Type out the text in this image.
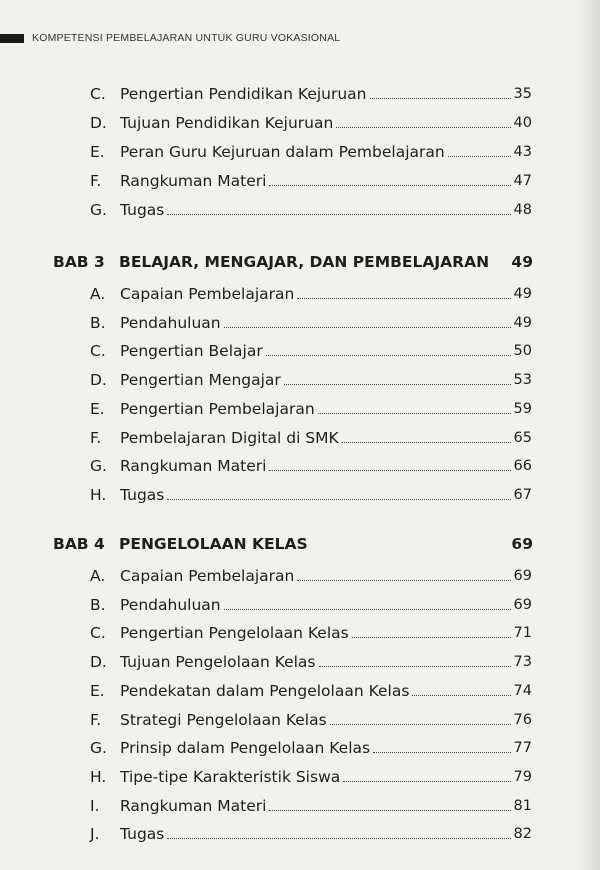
KOMPETENSI PEMBELAJARAN UNTUK GURU VOKASIONAL
C. Pengertian Pendidikan Kejuruan	35
D. Tujuan Pendidikan Kejuruan	40
E. Peran Guru Kejuruan dalam Pembelajaran	43
F.	Rangkuman Materi	47
G. Tugas	48
BAB 3 BELAJAR, MENGAJAR, DAN PEMBELAJARAN	49
A. Capaian Pembelajaran	49
B. Pendahuluan	49
C. Pengertian Belajar	50
D. Pengertian Mengajar	53
E. Pengertian Pembelajaran	59
F.	Pembelajaran Digital di SMK	65
G. Rangkuman Materi	66
H. Tugas	67
BAB 4 PENGELOLAAN KELAS	69
A. Capaian Pembelajaran	69
B. Pendahuluan	69
C. Pengertian Pengelolaan Kelas	71
D. Tujuan Pengelolaan Kelas	73
E. Pendekatan dalam Pengelolaan Kelas	74
F.	Strategi Pengelolaan Kelas	76
G. Prinsip dalam Pengelolaan Kelas	77
H. Tipe-tipe Karakteristik Siswa	79
I.	Rangkuman Materi	81
J.	Tugas	82
